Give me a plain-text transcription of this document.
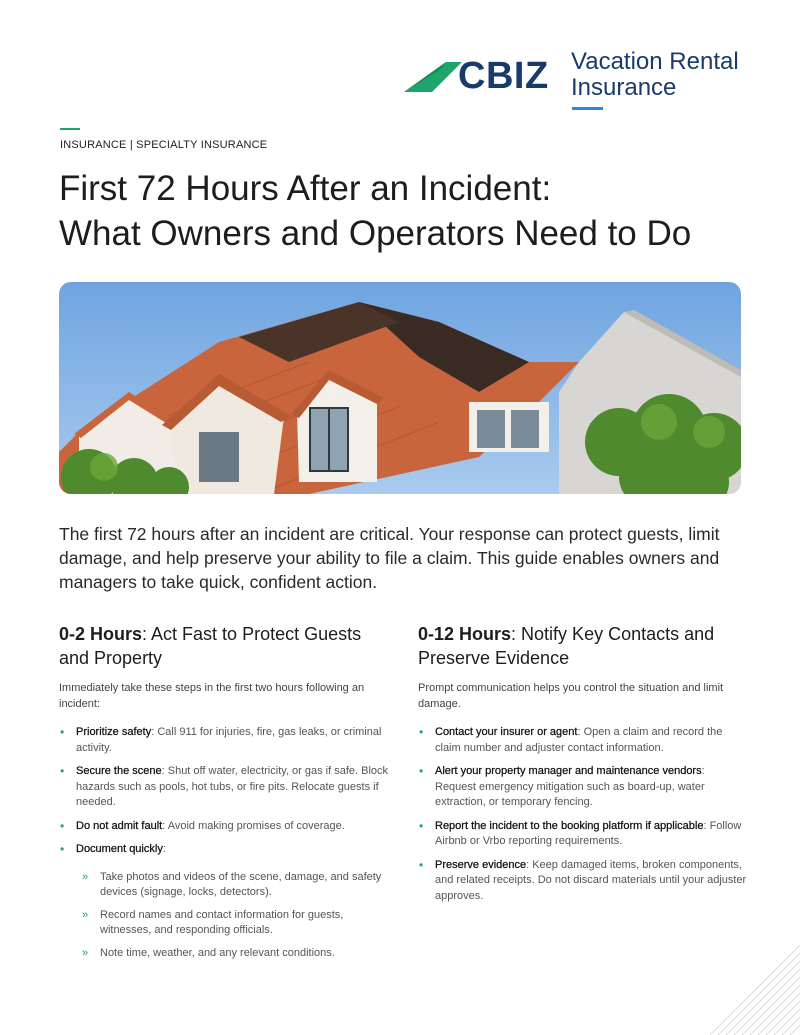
CBIZ Vacation Rental
Insurance
INSURANCE | SPECIALTY INSURANCE
First 72 Hours After an Incident:
What Owners and Operators Need to Do

The first 72 hours after an incident are critical. Your response can protect guests, limit damage, and help preserve your ability to file a claim. This guide enables owners and managers to take quick, confident action.

0-2 Hours: Act Fast to Protect Guests and Property

Immediately take these steps in the first two hours following an incident:

• Prioritize safety: Call 911 for injuries, fire, gas leaks, or criminal activity.
• Secure the scene: Shut off water, electricity, or gas if safe. Block hazards such as pools, hot tubs, or fire pits. Relocate guests if needed.
• Do not admit fault: Avoid making promises of coverage.
• Document quickly:
» Take photos and videos of the scene, damage, and safety devices (signage, locks, detectors).
» Record names and contact information for guests, witnesses, and responding officials.
» Note time, weather, and any relevant conditions.
0-12 Hours: Notify Key Contacts and Preserve Evidence

Prompt communication helps you control the situation and limit damage.

• Contact your insurer or agent: Open a claim and record the claim number and adjuster contact information.
• Alert your property manager and maintenance vendors: Request emergency mitigation such as board-up, water extraction, or temporary fencing.
• Report the incident to the booking platform if applicable: Follow Airbnb or Vrbo reporting requirements.
• Preserve evidence: Keep damaged items, broken components, and related receipts. Do not discard materials until your adjuster approves.
